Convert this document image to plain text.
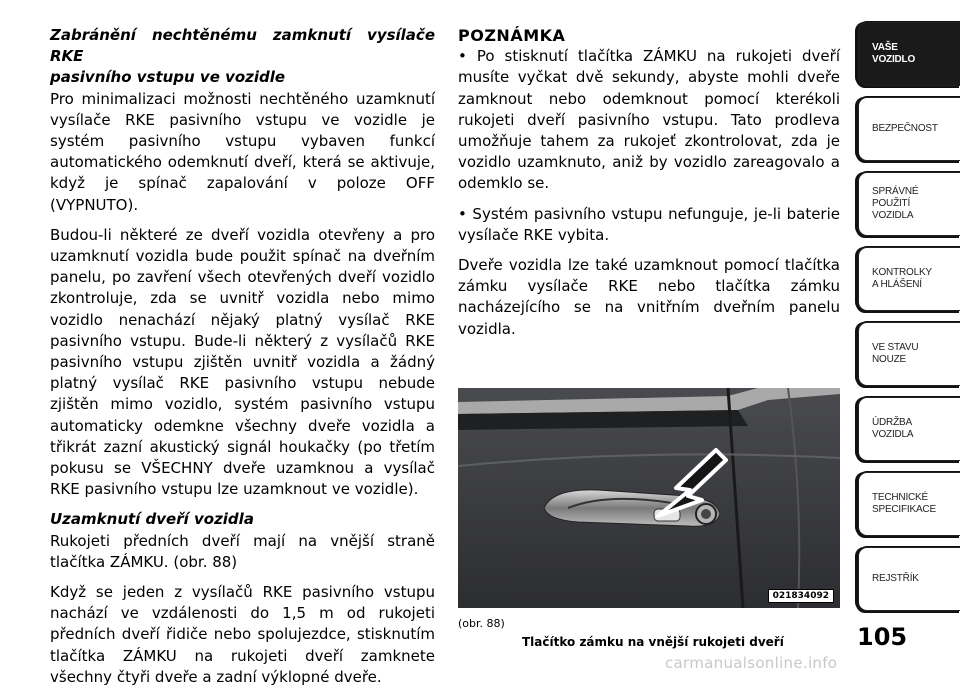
Zabránění nechtěnému zamknutí vysílače RKE
pasivního vstupu ve vozidle
Pro minimalizaci možnosti nechtěného uzamknutí vysílače RKE pasivního vstupu ve vozidle je systém pasivního vstupu vybaven funkcí automatického odemknutí dveří, která se aktivuje, když je spínač zapalování v poloze OFF (VYPNUTO).

Budou-li některé ze dveří vozidla otevřeny a pro uzamknutí vozidla bude použit spínač na dveřním panelu, po zavření všech otevřených dveří vozidlo zkontroluje, zda se uvnitř vozidla nebo mimo vozidlo nenachází nějaký platný vysílač RKE pasivního vstupu. Bude-li některý z vysílačů RKE pasivního vstupu zjištěn uvnitř vozidla a žádný platný vysílač RKE pasivního vstupu nebude zjištěn mimo vozidlo, systém pasivního vstupu automaticky odemkne všechny dveře vozidla a třikrát zazní akustický signál houkačky (po třetím pokusu se VŠECHNY dveře uzamknou a vysílač RKE pasivního vstupu lze uzamknout ve vozidle).

Uzamknutí dveří vozidla
Rukojeti předních dveří mají na vnější straně tlačítka ZÁMKU. (obr. 88)

Když se jeden z vysílačů RKE pasivního vstupu nachází ve vzdálenosti do 1,5 m od rukojeti předních dveří řidiče nebo spolujezdce, stisknutím tlačítka ZÁMKU na rukojeti dveří zamknete všechny čtyři dveře a zadní výklopné dveře.

POZNÁMKA
• Po stisknutí tlačítka ZÁMKU na rukojeti dveří musíte vyčkat dvě sekundy, abyste mohli dveře zamknout nebo odemknout pomocí kterékoli rukojeti dveří pasivního vstupu. Tato prodleva umožňuje tahem za rukojeť zkontrolovat, zda je vozidlo uzamknuto, aniž by vozidlo zareagovalo a odemklo se.

• Systém pasivního vstupu nefunguje, je-li baterie vysílače RKE vybita.

Dveře vozidla lze také uzamknout pomocí tlačítka zámku vysílače RKE nebo tlačítka zámku nacházejícího se na vnitřním dveřním panelu vozidla.

021834092
(obr. 88)
Tlačítko zámku na vnější rukojeti dveří	105
VAŠE
VOZIDLO
BEZPEČNOST
SPRÁVNÉ
POUŽITÍ
VOZIDLA
KONTROLKY
A HLÁŠENÍ
VE STAVU
NOUZE
ÚDRŽBA
VOZIDLA
TECHNICKÉ
SPECIFIKACE
REJSTŘÍK
carmanualsonline.info
